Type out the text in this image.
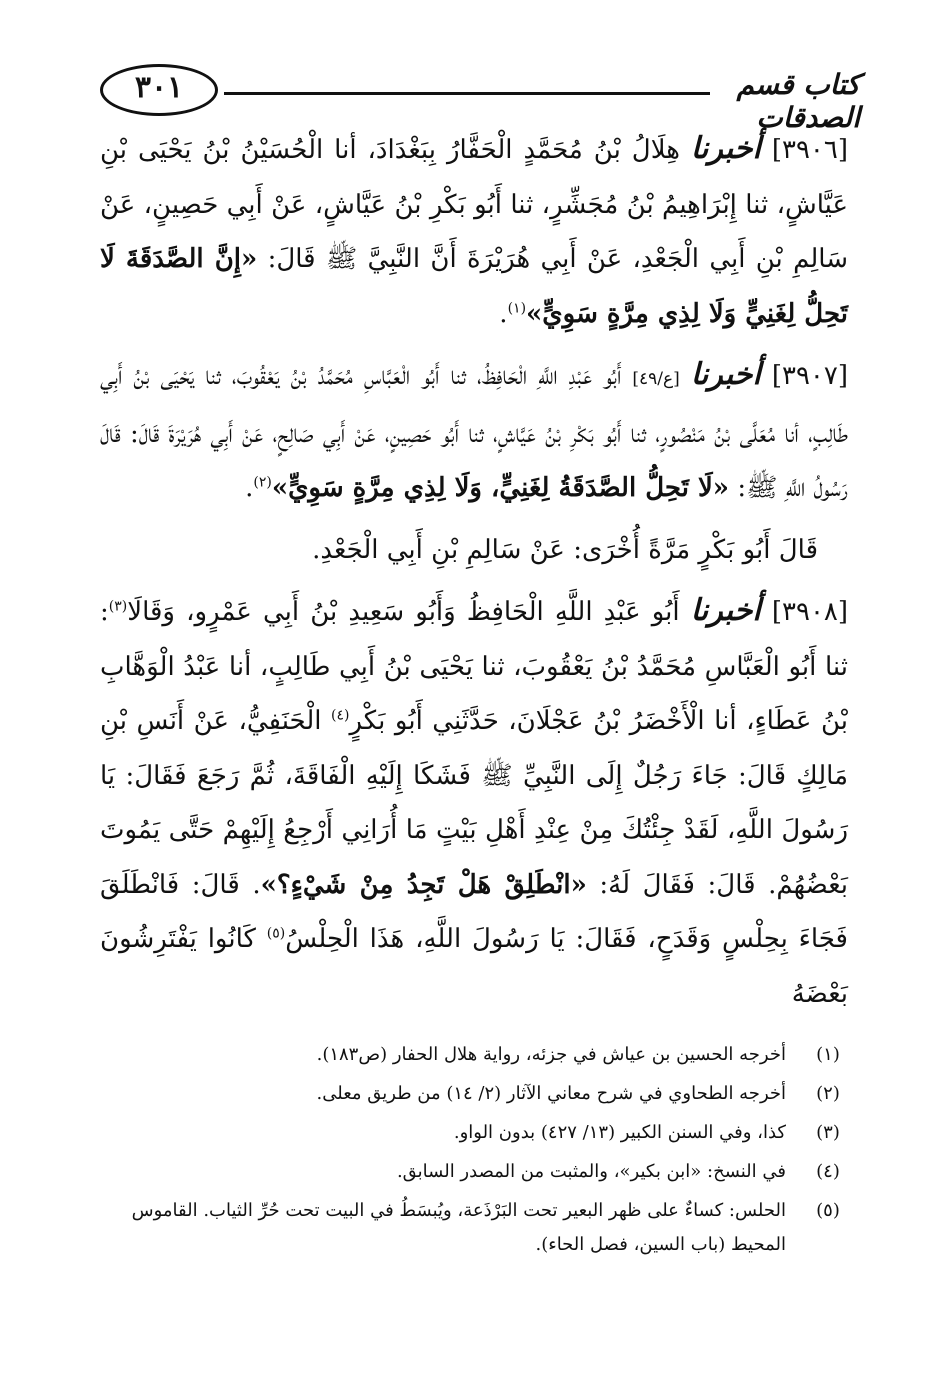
٣٠١	كتاب قسم الصدقات

[٣٩٠٦] أخبرنا هِلَالُ بْنُ مُحَمَّدٍ الْحَفَّارُ بِبَغْدَادَ، أنا الْحُسَيْنُ بْنُ يَحْيَى بْنِ عَيَّاشٍ، ثنا إِبْرَاهِيمُ بْنُ مُجَشِّرٍ، ثنا أَبُو بَكْرِ بْنُ عَيَّاشٍ، عَنْ أَبِي حَصِينٍ، عَنْ سَالِمِ بْنِ أَبِي الْجَعْدِ، عَنْ أَبِي هُرَيْرَةَ أَنَّ النَّبِيَّ ﷺ قَالَ: «إِنَّ الصَّدَقَةَ لَا تَحِلُّ لِغَنِيٍّ وَلَا لِذِي مِرَّةٍ سَوِيٍّ»$^{(١)}$.

[٣٩٠٧] أخبرنا [ع/٤٩] أَبُو عَبْدِ اللَّهِ الْحَافِظُ، ثنا أَبُو الْعَبَّاسِ مُحَمَّدُ بْنُ يَعْقُوبَ، ثنا يَحْيَى بْنُ أَبِي طَالِبٍ، أنا مُعَلَّى بْنُ مَنْصُورٍ، ثنا أَبُو بَكْرِ بْنُ عَيَّاشٍ، ثنا أَبُو حَصِينٍ، عَنْ أَبِي صَالِحٍ، عَنْ أَبِي هُرَيْرَةَ قَالَ: قَالَ رَسُولُ اللَّهِ ﷺ: «لَا تَحِلُّ الصَّدَقَةُ لِغَنِيٍّ، وَلَا لِذِي مِرَّةٍ سَوِيٍّ»$^{(٢)}$.

قَالَ أَبُو بَكْرٍ مَرَّةً أُخْرَى: عَنْ سَالِمِ بْنِ أَبِي الْجَعْدِ.

[٣٩٠٨] أخبرنا أَبُو عَبْدِ اللَّهِ الْحَافِظُ وَأَبُو سَعِيدِ بْنُ أَبِي عَمْرٍو، وَقَالَا$^{(٣)}$: ثنا أَبُو الْعَبَّاسِ مُحَمَّدُ بْنُ يَعْقُوبَ، ثنا يَحْيَى بْنُ أَبِي طَالِبٍ، أنا عَبْدُ الْوَهَّابِ بْنُ عَطَاءٍ، أنا الْأَخْضَرُ بْنُ عَجْلَانَ، حَدَّثَنِي أَبُو بَكْرٍ$^{(٤)}$ الْحَنَفِيُّ، عَنْ أَنَسِ بْنِ مَالِكٍ قَالَ: جَاءَ رَجُلٌ إِلَى النَّبِيِّ ﷺ فَشَكَا إِلَيْهِ الْفَاقَةَ، ثُمَّ رَجَعَ فَقَالَ: يَا رَسُولَ اللَّهِ، لَقَدْ جِئْتُكَ مِنْ عِنْدِ أَهْلِ بَيْتٍ مَا أُرَانِي أَرْجِعُ إِلَيْهِمْ حَتَّى يَمُوتَ بَعْضُهُمْ. قَالَ: فَقَالَ لَهُ: «انْطَلِقْ هَلْ تَجِدُ مِنْ شَيْءٍ؟». قَالَ: فَانْطَلَقَ فَجَاءَ بِحِلْسٍ وَقَدَحٍ، فَقَالَ: يَا رَسُولَ اللَّهِ، هَذَا الْحِلْسُ$^{(٥)}$ كَانُوا يَفْتَرِشُونَ بَعْضَهُ

(١)
أخرجه الحسين بن عياش في جزئه، رواية هلال الحفار (ص١٨٣).
(٢)
أخرجه الطحاوي في شرح معاني الآثار (٢/ ١٤) من طريق معلى.
(٣)
كذا، وفي السنن الكبير (١٣/ ٤٢٧) بدون الواو.
(٤)
في النسخ: «ابن بكير»، والمثبت من المصدر السابق.
(٥)
الحلس: كساءٌ على ظهر البعير تحت البَرْذَعة، ويُبسَطُ في البيت تحت حُرِّ الثياب. القاموس المحيط (باب السين، فصل الحاء).
